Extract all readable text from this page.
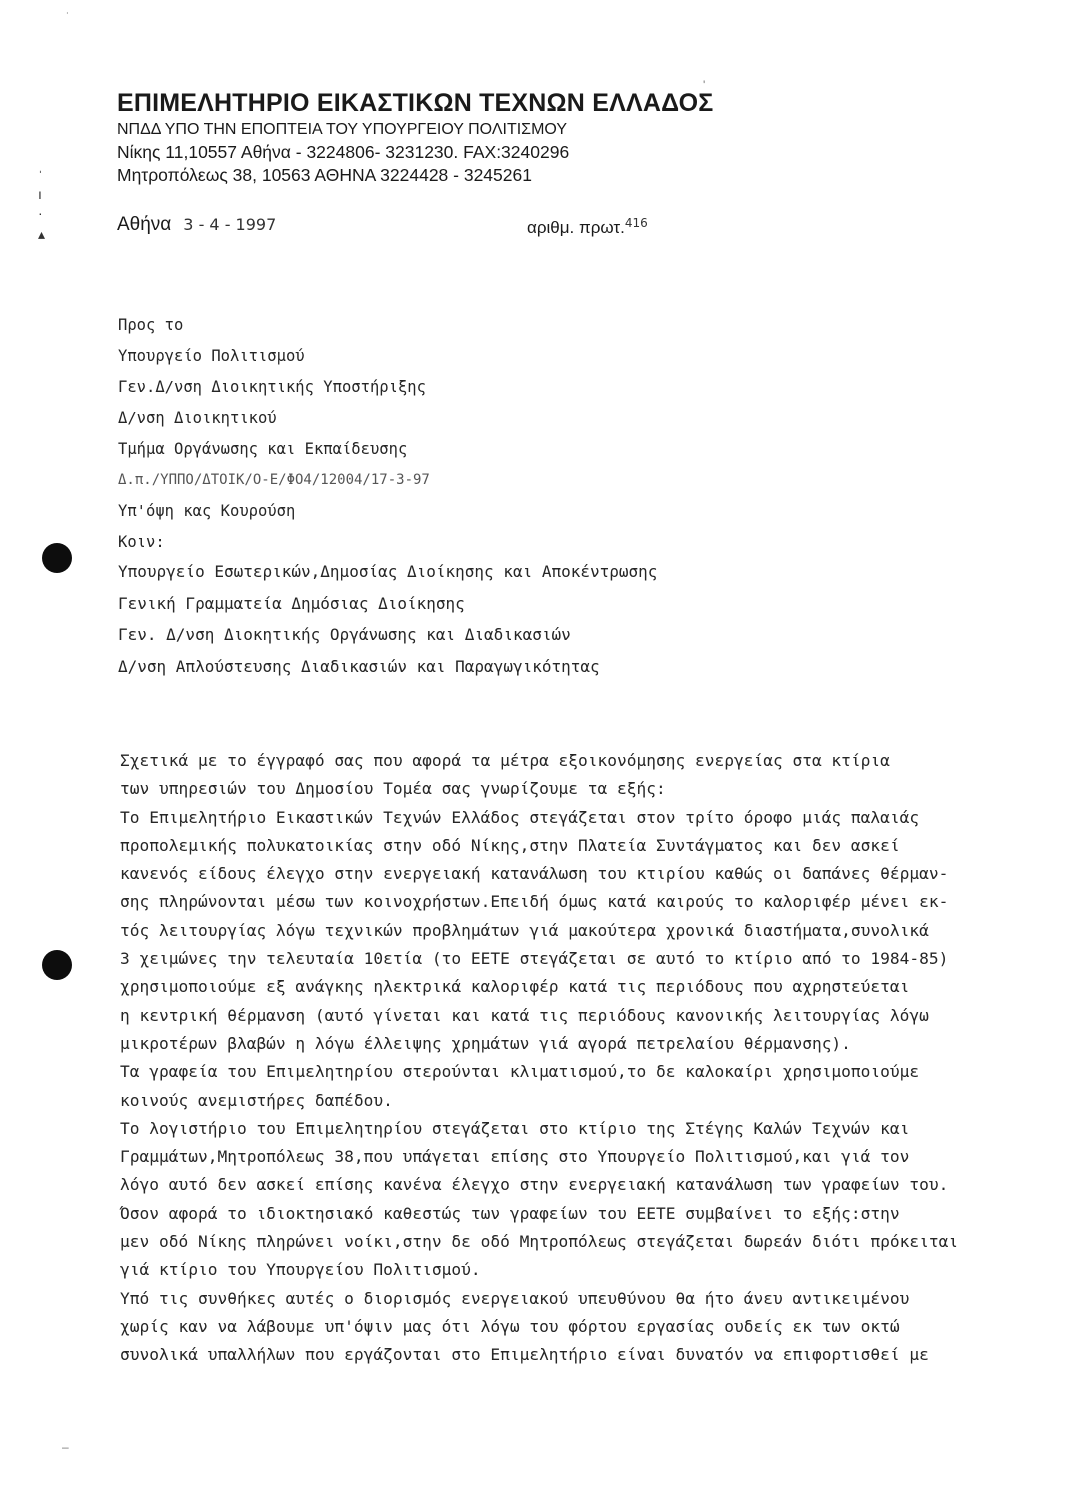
ˈ
ı
·
▴
˙
'
–
ΕΠΙΜΕΛΗΤΗΡΙΟ ΕΙΚΑΣΤΙΚΩΝ ΤΕΧΝΩΝ ΕΛΛΑΔΟΣ
ΝΠΔΔ ΥΠΟ ΤΗΝ ΕΠΟΠΤΕΙΑ ΤΟΥ ΥΠΟΥΡΓΕΙΟΥ ΠΟΛΙΤΙΣΜΟΥ
Νίκης 11,10557 Αθήνα - 3224806- 3231230. FAX:3240296
Μητροπόλεως 38, 10563 ΑΘΗΝΑ 3224428 - 3245261
Αθήνα 3 - 4 - 1997	αριθμ. πρωτ.$^{416}$
Προς το
Υπουργείο Πολιτισμού
Γεν.Δ/νση Διοικητικής Υποστήριξης
Δ/νση Διοικητικού
Τμήμα Οργάνωσης και Εκπαίδευσης
Δ.π./ΥΠΠΟ/ΔΤΟΙΚ/Ο-Ε/ΦΟ4/12004/17-3-97
Υπ'όψη κας Κουρούση
Κοιν:
Υπουργείο Εσωτερικών,Δημοσίας Διοίκησης και Αποκέντρωσης
Γενική Γραμματεία Δημόσιας Διοίκησης
Γεν. Δ/νση Διοκητικής Οργάνωσης και Διαδικασιών
Δ/νση Απλούστευσης Διαδικασιών και Παραγωγικότητας
Σχετικά με το έγγραφό σας που αφορά τα μέτρα εξοικονόμησης ενεργείας στα κτίρια
των υπηρεσιών του Δημοσίου Τομέα σας γνωρίζουμε τα εξής:
Το Επιμελητήριο Εικαστικών Τεχνών Ελλάδος στεγάζεται στον τρίτο όροφο μιάς παλαιάς
προπολεμικής πολυκατοικίας στην οδό Νίκης,στην Πλατεία Συντάγματος και δεν ασκεί
κανενός είδους έλεγχο στην ενεργειακή κατανάλωση του κτιρίου καθώς οι δαπάνες θέρμαν-
σης πληρώνονται μέσω των κοινοχρήστων.Επειδή όμως κατά καιρούς το καλοριφέρ μένει εκ-
τός λειτουργίας λόγω τεχνικών προβλημάτων γιά μακούτερα χρονικά διαστήματα,συνολικά
3 χειμώνες την τελευταία 10ετία (το ΕΕΤΕ στεγάζεται σε αυτό το κτίριο από το 1984-85)
χρησιμοποιούμε εξ ανάγκης ηλεκτρικά καλοριφέρ κατά τις περιόδους που αχρηστεύεται
η κεντρική θέρμανση (αυτό γίνεται και κατά τις περιόδους κανονικής λειτουργίας λόγω
μικροτέρων βλαβών η λόγω έλλειψης χρημάτων γιά αγορά πετρελαίου θέρμανσης).
Τα γραφεία του Επιμελητηρίου στερούνται κλιματισμού,το δε καλοκαίρι χρησιμοποιούμε
κοινούς ανεμιστήρες δαπέδου.
Το λογιστήριο του Επιμελητηρίου στεγάζεται στο κτίριο της Στέγης Καλών Τεχνών και
Γραμμάτων,Μητροπόλεως 38,που υπάγεται επίσης στο Υπουργείο Πολιτισμού,και γιά τον
λόγο αυτό δεν ασκεί επίσης κανένα έλεγχο στην ενεργειακή κατανάλωση των γραφείων του.
Όσον αφορά το ιδιοκτησιακό καθεστώς των γραφείων του ΕΕΤΕ συμβαίνει το εξής:στην
μεν οδό Νίκης πληρώνει νοίκι,στην δε οδό Μητροπόλεως στεγάζεται δωρεάν διότι πρόκειται
γιά κτίριο του Υπουργείου Πολιτισμού.
Υπό τις συνθήκες αυτές ο διορισμός ενεργειακού υπευθύνου θα ήτο άνευ αντικειμένου
χωρίς καν να λάβουμε υπ'όψιν μας ότι λόγω του φόρτου εργασίας ουδείς εκ των οκτώ
συνολικά υπαλλήλων που εργάζονται στο Επιμελητήριο είναι δυνατόν να επιφορτισθεί με
